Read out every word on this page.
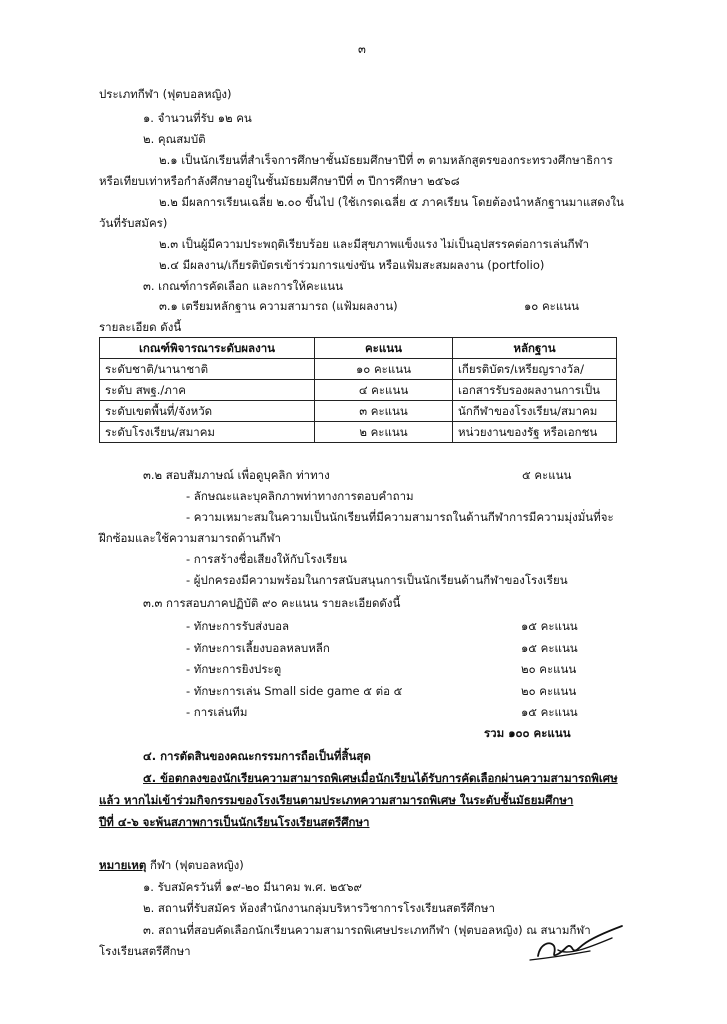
๓
ประเภทกีฬา (ฟุตบอลหญิง)
๑. จำนวนที่รับ ๑๒ คน
๒. คุณสมบัติ
๒.๑ เป็นนักเรียนที่สำเร็จการศึกษาชั้นมัธยมศึกษาปีที่ ๓ ตามหลักสูตรของกระทรวงศึกษาธิการ
หรือเทียบเท่าหรือกำลังศึกษาอยู่ในชั้นมัธยมศึกษาปีที่ ๓ ปีการศึกษา ๒๕๖๘
๒.๒ มีผลการเรียนเฉลี่ย ๒.๐๐ ขึ้นไป (ใช้เกรดเฉลี่ย ๕ ภาคเรียน โดยต้องนำหลักฐานมาแสดงใน
วันที่รับสมัคร)
๒.๓ เป็นผู้มีความประพฤติเรียบร้อย และมีสุขภาพแข็งแรง ไม่เป็นอุปสรรคต่อการเล่นกีฬา
๒.๔ มีผลงาน/เกียรติบัตรเข้าร่วมการแข่งขัน หรือแฟ้มสะสมผลงาน (portfolio)
๓. เกณฑ์การคัดเลือก และการให้คะแนน
๓.๑ เตรียมหลักฐาน ความสามารถ (แฟ้มผลงาน)	๑๐ คะแนน
รายละเอียด ดังนี้
เกณฑ์พิจารณาระดับผลงาน	คะแนน	หลักฐาน
ระดับชาติ/นานาชาติ	๑๐ คะแนน	เกียรติบัตร/เหรียญรางวัล/
ระดับ สพฐ./ภาค	๔ คะแนน	เอกสารรับรองผลงานการเป็น
ระดับเขตพื้นที่/จังหวัด	๓ คะแนน	นักกีฬาของโรงเรียน/สมาคม
ระดับโรงเรียน/สมาคม	๒ คะแนน	หน่วยงานของรัฐ หรือเอกชน
๓.๒ สอบสัมภาษณ์ เพื่อดูบุคลิก ท่าทาง	๕ คะแนน
- ลักษณะและบุคลิกภาพท่าทางการตอบคำถาม
- ความเหมาะสมในความเป็นนักเรียนที่มีความสามารถในด้านกีฬาการมีความมุ่งมั่นที่จะ
ฝึกซ้อมและใช้ความสามารถด้านกีฬา
- การสร้างชื่อเสียงให้กับโรงเรียน
- ผู้ปกครองมีความพร้อมในการสนับสนุนการเป็นนักเรียนด้านกีฬาของโรงเรียน
๓.๓ การสอบภาคปฏิบัติ ๙๐ คะแนน รายละเอียดดังนี้
- ทักษะการรับส่งบอล	๑๕ คะแนน
- ทักษะการเลี้ยงบอลหลบหลีก	๑๕ คะแนน
- ทักษะการยิงประตู	๒๐ คะแนน
- ทักษะการเล่น Small side game ๕ ต่อ ๕	๒๐ คะแนน
- การเล่นทีม	๑๕ คะแนน
รวม ๑๐๐ คะแนน
๔. การตัดสินของคณะกรรมการถือเป็นที่สิ้นสุด
๕. ข้อตกลงของนักเรียนความสามารถพิเศษเมื่อนักเรียนได้รับการคัดเลือกผ่านความสามารถพิเศษ
แล้ว หากไม่เข้าร่วมกิจกรรมของโรงเรียนตามประเภทความสามารถพิเศษ ในระดับชั้นมัธยมศึกษา
ปีที่ ๔-๖ จะพ้นสภาพการเป็นนักเรียนโรงเรียนสตรีศึกษา
หมายเหตุ กีฬา (ฟุตบอลหญิง)
๑. รับสมัครวันที่ ๑๙-๒๐ มีนาคม พ.ศ. ๒๕๖๙
๒. สถานที่รับสมัคร ห้องสำนักงานกลุ่มบริหารวิชาการโรงเรียนสตรีศึกษา
๓. สถานที่สอบคัดเลือกนักเรียนความสามารถพิเศษประเภทกีฬา (ฟุตบอลหญิง) ณ สนามกีฬา
โรงเรียนสตรีศึกษา
